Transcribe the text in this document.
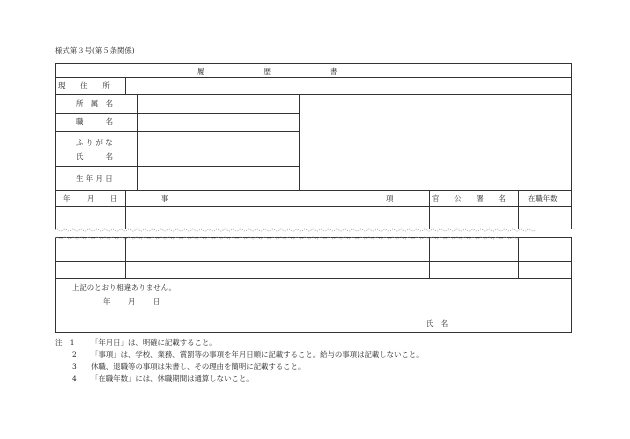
様式第３号(第５条関係)
履　　　　　　　　歴　　　　　　　　書
現　　住　　所
所　属　名
職　　　名
ふ り が な
氏　　　名
生 年 月 日
年 月 日	事	項	官　　公　　署　　名	在職年数
上記のとおり相違ありません。
年 月 日
氏　名
注　1 「年月日」は、明確に記載すること。
2 「事項」は、学校、業務、賞罰等の事項を年月日順に記載すること。給与の事項は記載しないこと。
3 休職、退職等の事項は朱書し、その理由を簡明に記載すること。
4 「在職年数」には、休職期間は通算しないこと。
